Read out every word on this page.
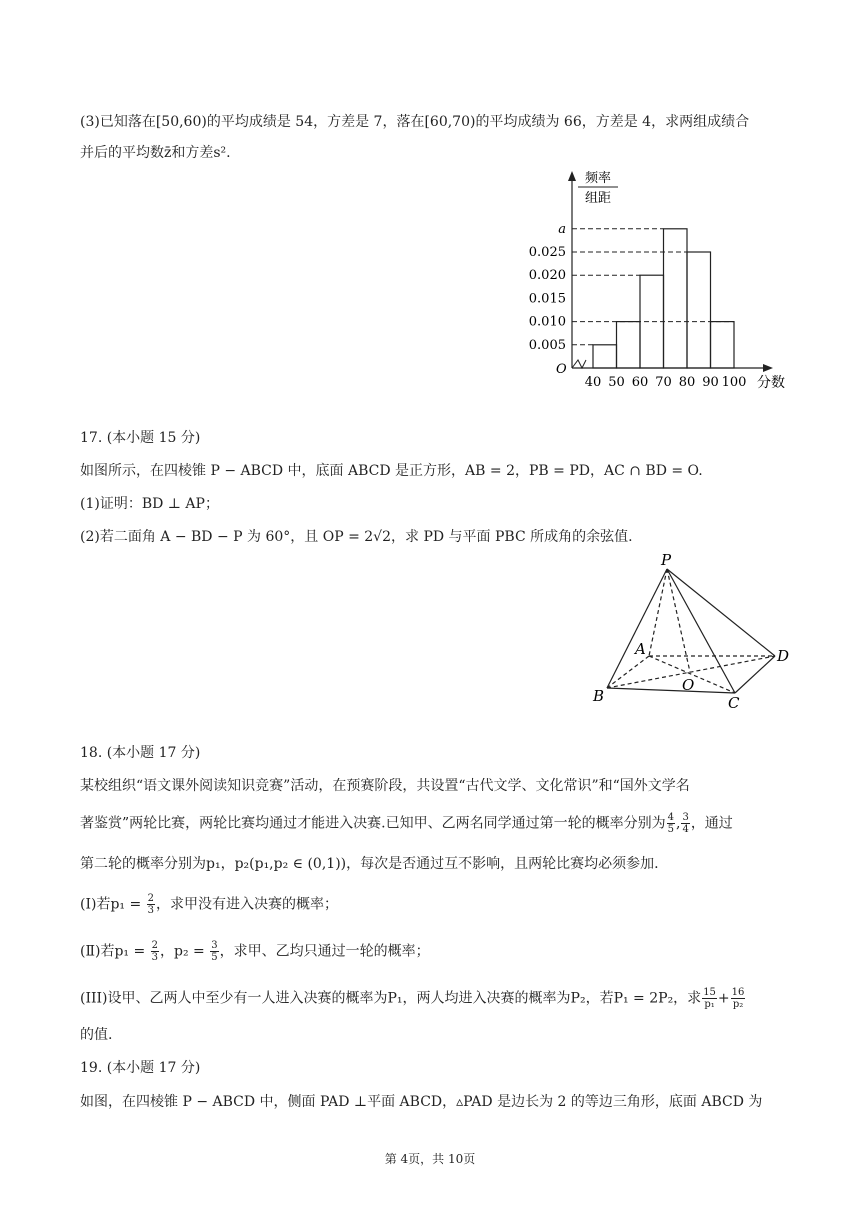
(3)已知落在[50,60)的平均成绩是 54，方差是 7，落在[60,70)的平均成绩为 66，方差是 4，求两组成绩合
并后的平均数z̄和方差s².
a
0.025
0.020
0.015
0.010
0.005
40 50 60 70 80 90 100
频率
组距
分数
O
17. (本小题 15 分)
如图所示，在四棱锥 P − ABCD 中，底面 ABCD 是正方形，AB = 2，PB = PD，AC ∩ BD = O.
(1)证明：BD ⊥ AP；
(2)若二面角 A − BD − P 为 60°，且 OP = 2√2，求 PD 与平面 PBC 所成角的余弦值.
P
A
B	C
D
O
18. (本小题 17 分)
某校组织“语文课外阅读知识竞赛”活动，在预赛阶段，共设置“古代文学、文化常识”和“国外文学名
著鉴赏”两轮比赛，两轮比赛均通过才能进入决赛.已知甲、乙两名同学通过第一轮的概率分别为 $\frac{4}{5}$ , $\frac{3}{4}$ ，通过
第二轮的概率分别为p₁，p₂(p₁,p₂ ∈ (0,1))，每次是否通过互不影响，且两轮比赛均必须参加.
(Ⅰ)若$p_1 = \frac{2}{3}$ ，求甲没有进入决赛的概率；
(Ⅱ)若$p_1 = \frac{2}{3}$ ，$p_2 = \frac{3}{5}$ ，求甲、乙均只通过一轮的概率；
(III)设甲、乙两人中至少有一人进入决赛的概率为P₁，两人均进入决赛的概率为P₂，若P₁ = 2P₂，求 $\frac{15}{\text{p₁}} + \frac{16}{\text{p₂}}$
的值.
19. (本小题 17 分)
如图，在四棱锥 P − ABCD 中，侧面 PAD ⊥平面 ABCD，▵PAD 是边长为 2 的等边三角形，底面 ABCD 为
第 4页，共 10页
